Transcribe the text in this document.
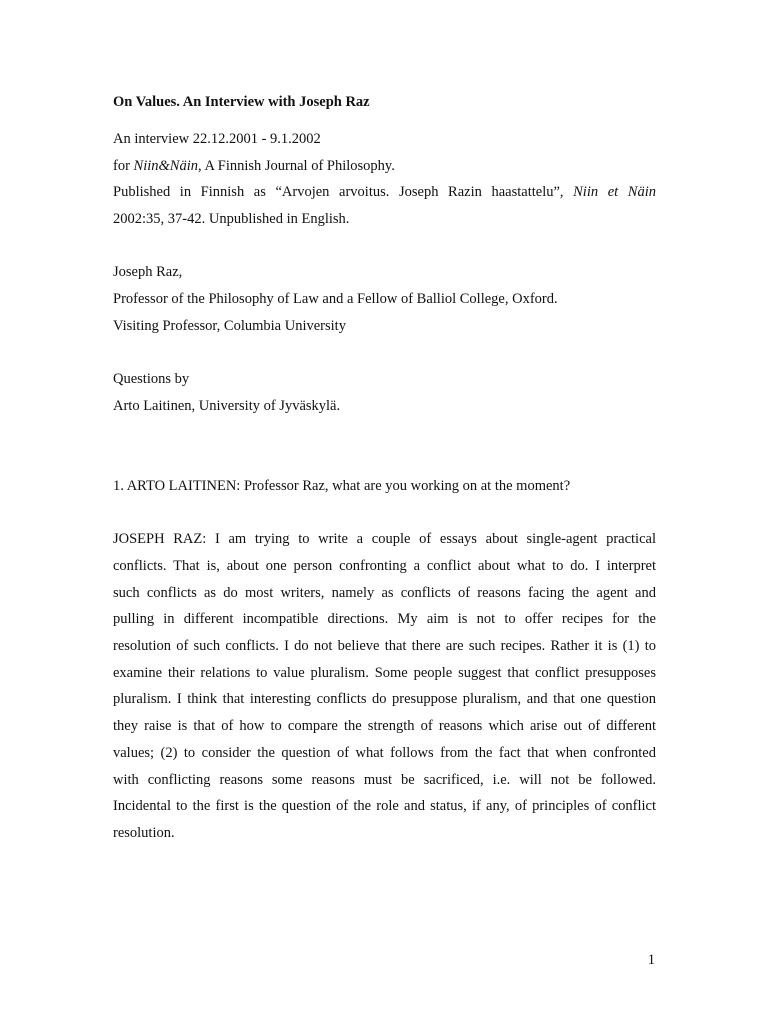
On Values. An Interview with Joseph Raz
An interview 22.12.2001 - 9.1.2002
for Niin&Näin, A Finnish Journal of Philosophy.
Published in Finnish as “Arvojen arvoitus. Joseph Razin haastattelu”, Niin et Näin
2002:35, 37-42. Unpublished in English.
Joseph Raz,
Professor of the Philosophy of Law and a Fellow of Balliol College, Oxford.
Visiting Professor, Columbia University
Questions by
Arto Laitinen, University of Jyväskylä.
1. ARTO LAITINEN: Professor Raz, what are you working on at the moment?
JOSEPH RAZ: I am trying to write a couple of essays about single-agent practical
conflicts. That is, about one person confronting a conflict about what to do. I interpret
such conflicts as do most writers, namely as conflicts of reasons facing the agent and
pulling in different incompatible directions. My aim is not to offer recipes for the
resolution of such conflicts. I do not believe that there are such recipes. Rather it is (1) to
examine their relations to value pluralism. Some people suggest that conflict presupposes
pluralism. I think that interesting conflicts do presuppose pluralism, and that one question
they raise is that of how to compare the strength of reasons which arise out of different
values; (2) to consider the question of what follows from the fact that when confronted
with conflicting reasons some reasons must be sacrificed, i.e. will not be followed.
Incidental to the first is the question of the role and status, if any, of principles of conflict
resolution.
1
